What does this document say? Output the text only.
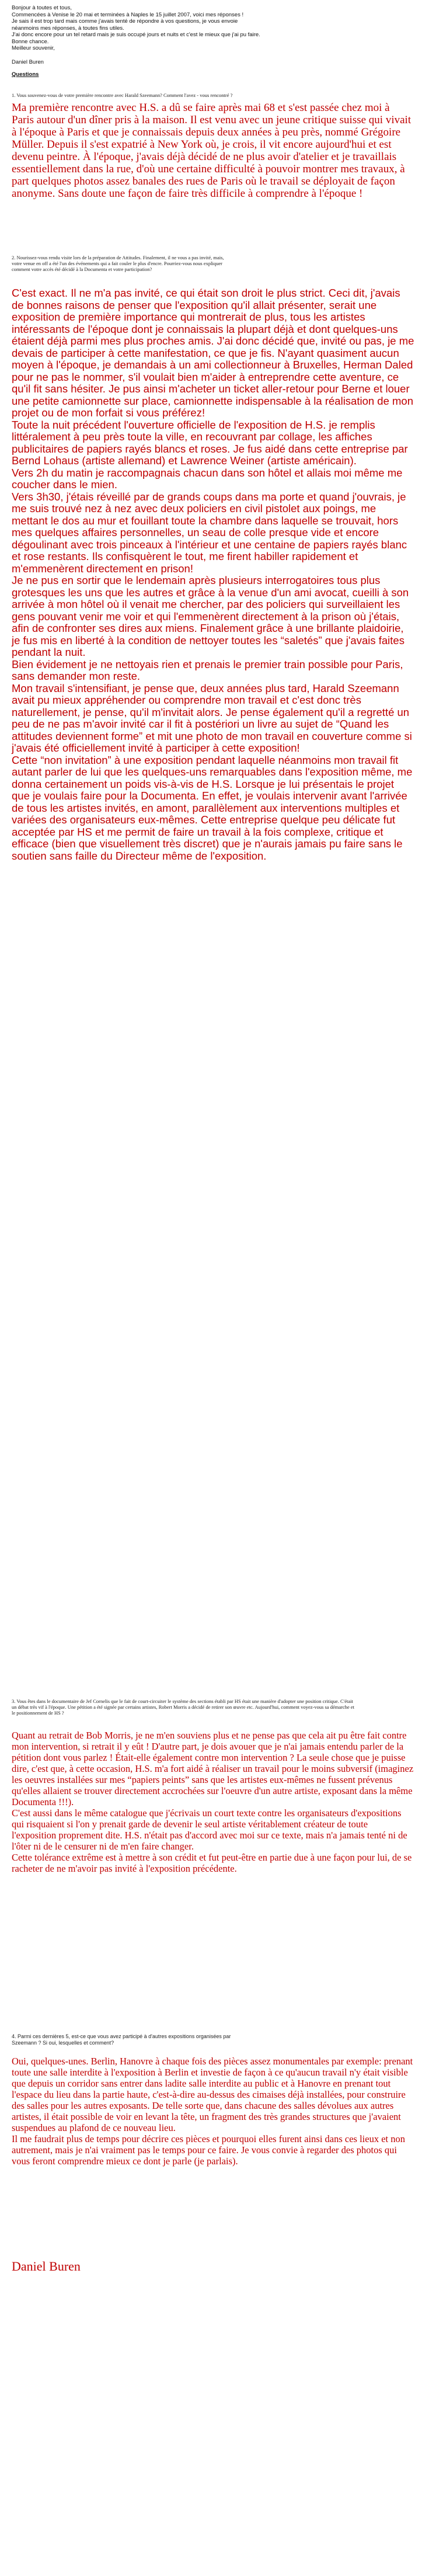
Bonjour à toutes et tous,
Commencées à Venise le 20 mai et terminées à Naples le 15 juillet 2007, voici mes réponses !
Je sais il est trop tard mais comme j'avais tenté de répondre à vos questions, je vous envoie
néanmoins mes réponses, à toutes fins utiles.
J'ai donc encore pour un tel retard mais je suis occupé jours et nuits et c'est le mieux que j'ai pu faire.
Bonne chance.
Meilleur souvenir,
Daniel Buren
Questions
1. Vous souvenez-vous de votre première rencontre avec Harald Szeemann? Comment l'avez - vous rencontré ?
Ma première rencontre avec H.S. a dû se faire après mai 68 et s'est passée chez moi à Paris autour d'un dîner pris à la maison. Il est venu avec un jeune critique suisse qui vivait à l'époque à Paris et que je connaissais depuis deux années à peu près, nommé Grégoire Müller. Depuis il s'est expatrié à New York où, je crois, il vit encore aujourd'hui et est devenu peintre. À l'époque, j'avais déjà décidé de ne plus avoir d'atelier et je travaillais essentiellement dans la rue, d'où une certaine difficulté à pouvoir montrer mes travaux, à part quelques photos assez banales des rues de Paris où le travail se déployait de façon anonyme. Sans doute une façon de faire très difficile à comprendre à l'époque !
2. Nourissez-vous rendu visite lors de la préparation de Attitudes. Finalement, il ne vous a pas invité, mais, votre venue en off a été l'un des événements qui a fait couler le plus d'encre. Pourriez-vous nous expliquer comment votre accès été décidé à la Documenta et votre participation?
C'est exact. Il ne m'a pas invité, ce qui était son droit le plus strict. Ceci dit, j'avais de bonnes raisons de penser que l'exposition qu'il allait présenter, serait une exposition de première importance qui montrerait de plus, tous les artistes intéressants de l'époque dont je connaissais la plupart déjà et dont quelques-uns étaient déjà parmi mes plus proches amis. J'ai donc décidé que, invité ou pas, je me devais de participer à cette manifestation, ce que je fis. N'ayant quasiment aucun moyen à l'époque, je demandais à un ami collectionneur à Bruxelles, Herman Daled pour ne pas le nommer, s'il voulait bien m'aider à entreprendre cette aventure, ce qu'il fit sans hésiter. Je pus ainsi m'acheter un ticket aller-retour pour Berne et louer une petite camionnette sur place, camionnette indispensable à la réalisation de mon projet ou de mon forfait si vous préférez!
Toute la nuit précédent l'ouverture officielle de l'exposition de H.S. je remplis littéralement à peu près toute la ville, en recouvrant par collage, les affiches publicitaires de papiers rayés blancs et roses. Je fus aidé dans cette entreprise par Bernd Lohaus (artiste allemand) et Lawrence Weiner (artiste américain).
Vers 2h du matin je raccompagnais chacun dans son hôtel et allais moi même me coucher dans le mien.
Vers 3h30, j'étais réveillé par de grands coups dans ma porte et quand j'ouvrais, je me suis trouvé nez à nez avec deux policiers en civil pistolet aux poings, me mettant le dos au mur et fouillant toute la chambre dans laquelle se trouvait, hors mes quelques affaires personnelles, un seau de colle presque vide et encore dégoulinant avec trois pinceaux à l'intérieur et une centaine de papiers rayés blanc et rose restants. Ils confisquèrent le tout, me firent habiller rapidement et m'emmenèrent directement en prison!
Je ne pus en sortir que le lendemain après plusieurs interrogatoires tous plus grotesques les uns que les autres et grâce à la venue d'un ami avocat, cueilli à son arrivée à mon hôtel où il venait me chercher, par des policiers qui surveillaient les gens pouvant venir me voir et qui l'emmenèrent directement à la prison où j'étais, afin de confronter ses dires aux miens. Finalement grâce à une brillante plaidoirie, je fus mis en liberté à la condition de nettoyer toutes les “saletés” que j'avais faites pendant la nuit.
Bien évidement je ne nettoyais rien et prenais le premier train possible pour Paris, sans demander mon reste.
Mon travail s'intensifiant, je pense que, deux années plus tard, Harald Szeemann avait pu mieux appréhender ou comprendre mon travail et c'est donc très naturellement, je pense, qu'il m'invitait alors. Je pense également qu'il a regretté un peu de ne pas m'avoir invité car il fit à postériori un livre au sujet de “Quand les attitudes deviennent forme” et mit une photo de mon travail en couverture comme si j'avais été officiellement invité à participer à cette exposition!
Cette “non invitation” à une exposition pendant laquelle néanmoins mon travail fit autant parler de lui que les quelques-uns remarquables dans l'exposition même, me donna certainement un poids vis-à-vis de H.S. Lorsque je lui présentais le projet que je voulais faire pour la Documenta. En effet, je voulais intervenir avant l'arrivée de tous les artistes invités, en amont, parallèlement aux interventions multiples et variées des organisateurs eux-mêmes. Cette entreprise quelque peu délicate fut acceptée par HS et me permit de faire un travail à la fois complexe, critique et efficace (bien que visuellement très discret) que je n'aurais jamais pu faire sans le soutien sans faille du Directeur même de l'exposition.
3. Vous êtes dans le documentaire de Jef Cornelis que le fait de court-circuiter le système des sections établi par HS était une manière d'adopter une position critique. C'était un débat très vif à l'époque. Une pétition a été signée par certains artistes, Robert Morris a décidé de retirer son œuvre etc. Aujourd'hui, comment voyez-vous sa démarche et le positionnement de HS ?
Quant au retrait de Bob Morris, je ne m'en souviens plus et ne pense pas que cela ait pu être fait contre mon intervention, si retrait il y eût ! D'autre part, je dois avouer que je n'ai jamais entendu parler de la pétition dont vous parlez ! Était-elle également contre mon intervention ? La seule chose que je puisse dire, c'est que, à cette occasion, H.S. m'a fort aidé à réaliser un travail pour le moins subversif (imaginez les oeuvres installées sur mes “papiers peints” sans que les artistes eux-mêmes ne fussent prévenus qu'elles allaient se trouver directement accrochées sur l'oeuvre d'un autre artiste, exposant dans la même Documenta !!!).
C'est aussi dans le même catalogue que j'écrivais un court texte contre les organisateurs d'expositions qui risquaient si l'on y prenait garde de devenir le seul artiste véritablement créateur de toute l'exposition proprement dite. H.S. n'était pas d'accord avec moi sur ce texte, mais n'a jamais tenté ni de l'ôter ni de le censurer ni de m'en faire changer.
Cette tolérance extrême est à mettre à son crédit et fut peut-être en partie due à une façon pour lui, de se racheter de ne m'avoir pas invité à l'exposition précédente.
4. Parmi ces dernières 5, est-ce que vous avez participé à d'autres expositions organisées par Szeemann ? Si oui, lesquelles et comment?
Oui, quelques-unes. Berlin, Hanovre à chaque fois des pièces assez monumentales par exemple: prenant toute une salle interdite à l'exposition à Berlin et investie de façon à ce qu'aucun travail n'y était visible que depuis un corridor sans entrer dans ladite salle interdite au public et à Hanovre en prenant tout l'espace du lieu dans la partie haute, c'est-à-dire au-dessus des cimaises déjà installées, pour construire des salles pour les autres exposants. De telle sorte que, dans chacune des salles dévolues aux autres artistes, il était possible de voir en levant la tête, un fragment des très grandes structures que j'avaient suspendues au plafond de ce nouveau lieu.
Il me faudrait plus de temps pour décrire ces pièces et pourquoi elles furent ainsi dans ces lieux et non autrement, mais je n'ai vraiment pas le temps pour ce faire. Je vous convie à regarder des photos qui vous feront comprendre mieux ce dont je parle (je parlais).
Daniel Buren
